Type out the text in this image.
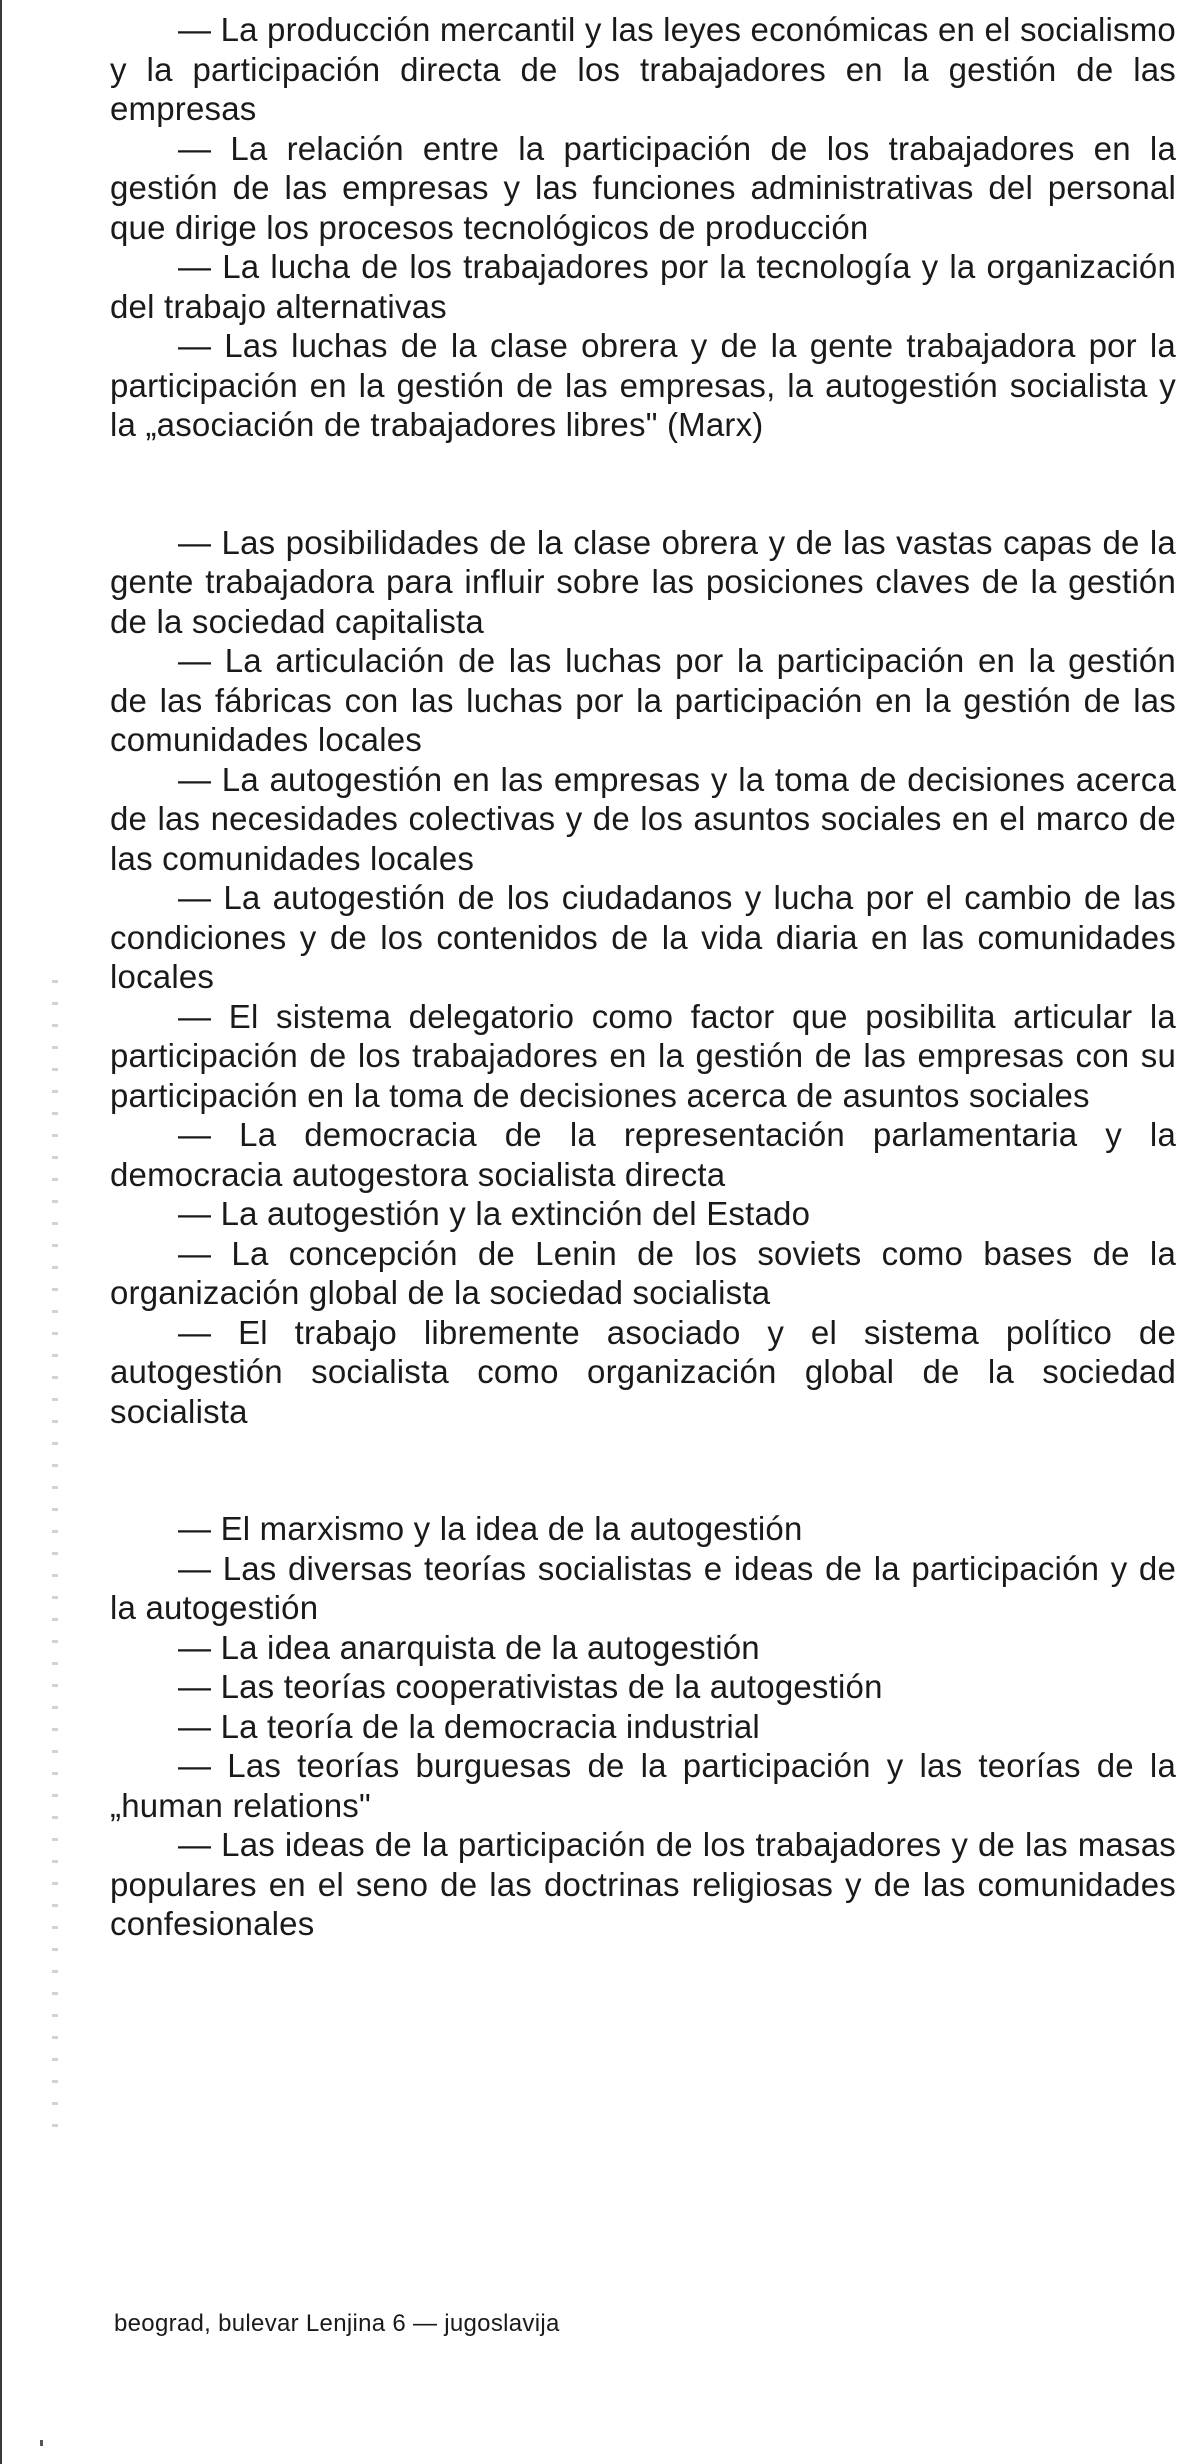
— La producción mercantil y las leyes económicas en el socialismo y la participación directa de los trabajadores en la gestión de las empresas

— La relación entre la participación de los trabajadores en la gestión de las empresas y las funciones administrativas del personal que dirige los procesos tecnológicos de producción

— La lucha de los trabajadores por la tecnología y la organización del trabajo alternativas

— Las luchas de la clase obrera y de la gente trabajadora por la participación en la gestión de las empresas, la autogestión socialista y la „asociación de trabajadores libres" (Marx)

— Las posibilidades de la clase obrera y de las vastas capas de la gente trabajadora para influir sobre las posiciones claves de la gestión de la sociedad capitalista

— La articulación de las luchas por la participación en la gestión de las fábricas con las luchas por la participación en la gestión de las comunidades locales

— La autogestión en las empresas y la toma de decisiones acerca de las necesidades colectivas y de los asuntos sociales en el marco de las comunidades locales

— La autogestión de los ciudadanos y lucha por el cambio de las condiciones y de los contenidos de la vida diaria en las comunidades locales

— El sistema delegatorio como factor que posibilita articular la participación de los trabajadores en la gestión de las empresas con su participación en la toma de decisiones acerca de asuntos sociales

— La democracia de la representación parlamentaria y la democracia autogestora socialista directa

— La autogestión y la extinción del Estado

— La concepción de Lenin de los soviets como bases de la organización global de la sociedad socialista

— El trabajo libremente asociado y el sistema político de autogestión socialista como organización global de la sociedad socialista

— El marxismo y la idea de la autogestión

— Las diversas teorías socialistas e ideas de la participación y de la autogestión

— La idea anarquista de la autogestión

— Las teorías cooperativistas de la autogestión

— La teoría de la democracia industrial

— Las teorías burguesas de la participación y las teorías de la „human relations"

— Las ideas de la participación de los trabajadores y de las masas populares en el seno de las doctrinas religiosas y de las comunidades confesionales

beograd, bulevar Lenjina 6 — jugoslavija
